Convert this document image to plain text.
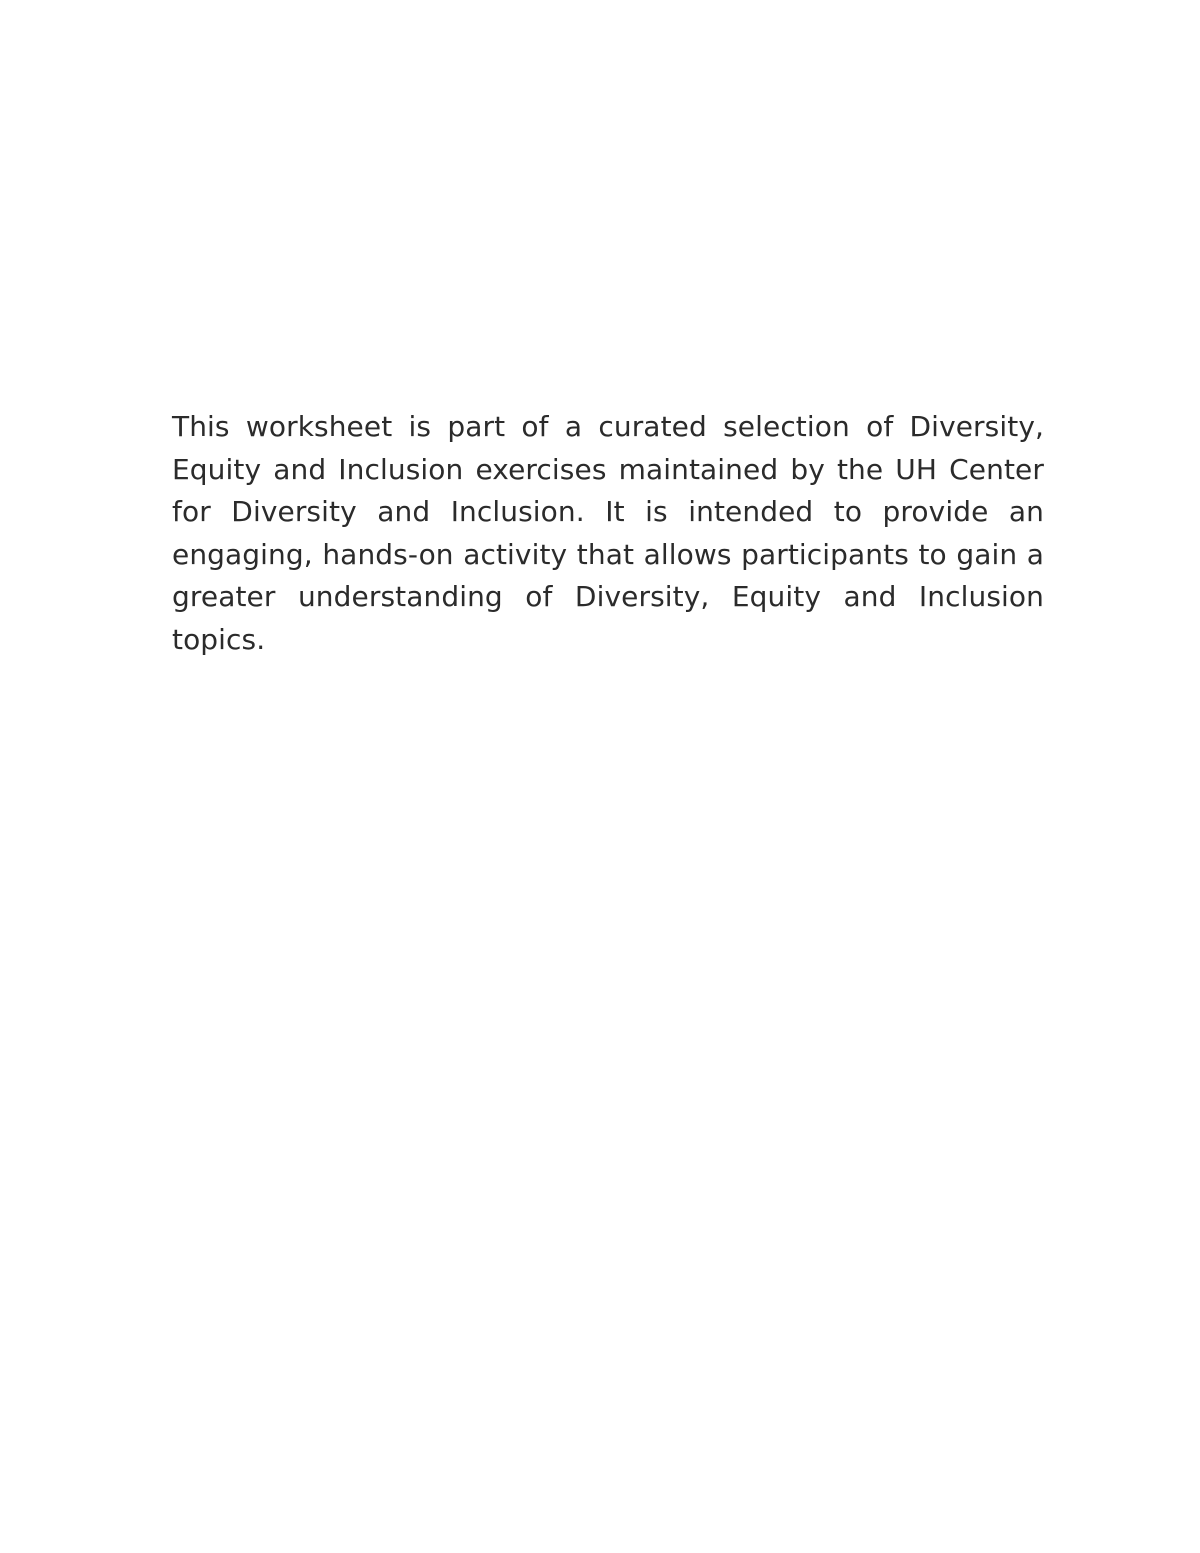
This worksheet is part of a curated selection of Diversity, Equity and Inclusion exercises maintained by the UH Center for Diversity and Inclusion. It is intended to provide an engaging, hands-on activity that allows participants to gain a greater understanding of Diversity, Equity and Inclusion topics.
